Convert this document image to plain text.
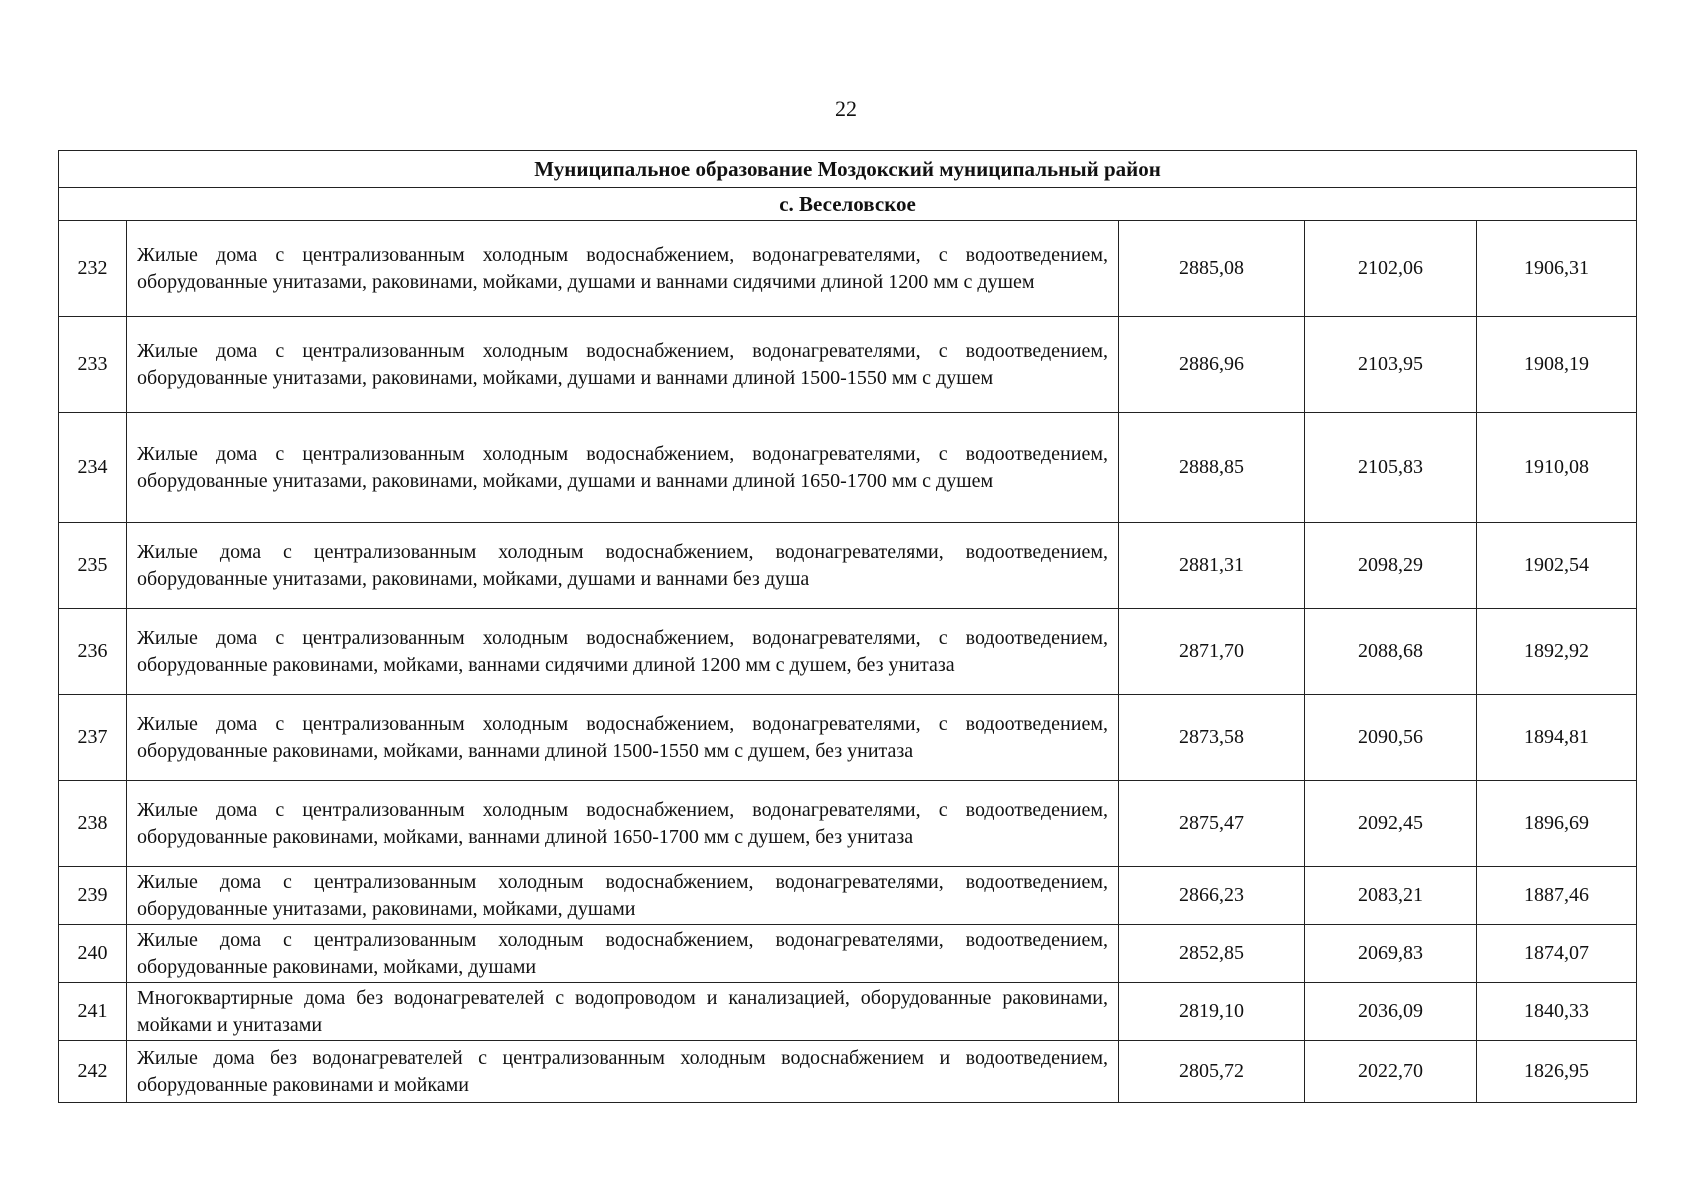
22
Муниципальное образование Моздокский муниципальный район				
с. Веселовское				
232	Жилые дома с централизованным холодным водоснабжением, водонагревателями, с водоотведением, оборудованные унитазами, раковинами, мойками, душами и ваннами сидячими длиной 1200 мм с душем	2885,08	2102,06	1906,31
233	Жилые дома с централизованным холодным водоснабжением, водонагревателями, с водоотведением, оборудованные унитазами, раковинами, мойками, душами и ваннами длиной 1500-1550 мм с душем	2886,96	2103,95	1908,19
234	Жилые дома с централизованным холодным водоснабжением, водонагревателями, с водоотведением, оборудованные унитазами, раковинами, мойками, душами и ваннами длиной 1650-1700 мм с душем	2888,85	2105,83	1910,08
235	Жилые дома с централизованным холодным водоснабжением, водонагревателями, водоотведением, оборудованные унитазами, раковинами, мойками, душами и ваннами без душа	2881,31	2098,29	1902,54
236	Жилые дома с централизованным холодным водоснабжением, водонагревателями, с водоотведением, оборудованные раковинами, мойками, ваннами сидячими длиной 1200 мм с душем, без унитаза	2871,70	2088,68	1892,92
237	Жилые дома с централизованным холодным водоснабжением, водонагревателями, с водоотведением, оборудованные раковинами, мойками, ваннами длиной 1500-1550 мм с душем, без унитаза	2873,58	2090,56	1894,81
238	Жилые дома с централизованным холодным водоснабжением, водонагревателями, с водоотведением, оборудованные раковинами, мойками, ваннами длиной 1650-1700 мм с душем, без унитаза	2875,47	2092,45	1896,69
239	Жилые дома с централизованным холодным водоснабжением, водонагревателями, водоотведением, оборудованные унитазами, раковинами, мойками, душами	2866,23	2083,21	1887,46
240	Жилые дома с централизованным холодным водоснабжением, водонагревателями, водоотведением, оборудованные раковинами, мойками, душами	2852,85	2069,83	1874,07
241	Многоквартирные дома без водонагревателей с водопроводом и канализацией, оборудованные раковинами, мойками и унитазами	2819,10	2036,09	1840,33
242	Жилые дома без водонагревателей с централизованным холодным водоснабжением и водоотведением, оборудованные раковинами и мойками	2805,72	2022,70	1826,95
